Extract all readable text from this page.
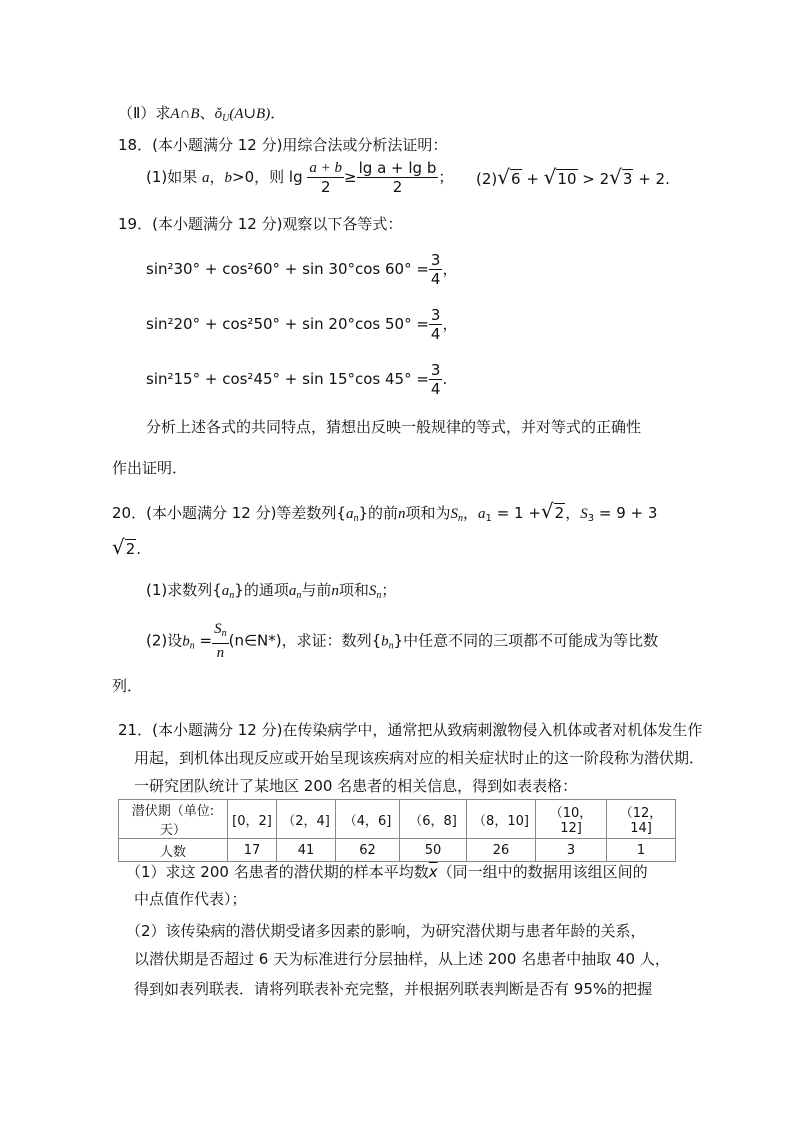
（Ⅱ）求A∩B、$ǒ_U(A\cup B)$．
18．(本小题满分 12 分)用综合法或分析法证明：
(1)如果 a，b>0，则 $\lg \frac{a + b}{2} \ge \frac{\text{lg a + lg b}}{2}$ ； (2)√6 + √10 > 2√3 + 2.
19．(本小题满分 12 分)观察以下各等式：
sin²30° + cos²60° + sin 30°cos $60^\circ = \frac{3}{4}$ ，
sin²20° + cos²50° + sin 20°cos $50^\circ = \frac{3}{4}$ ，
sin²15° + cos²45° + sin 15°cos $45^\circ = \frac{3}{4}$ .
分析上述各式的共同特点，猜想出反映一般规律的等式，并对等式的正确性
作出证明．
20．(本小题满分 12 分)等差数列$\{a_n\}$的前n项和为$S_n$，$a_1 = 1 +√2$，$S_3 = 9 + 3$
√2.
(1)求数列$\{a_n\}$的通项$a_n$与前n项和$S_n$；
(2)设$b_n = \frac{S_n}{n}$ (n∈N*)，求证：数列$\{b_n\}$中任意不同的三项都不可能成为等比数
列．
21．(本小题满分 12 分)在传染病学中，通常把从致病刺激物侵入机体或者对机体发生作
用起，到机体出现反应或开始呈现该疾病对应的相关症状时止的这一阶段称为潜伏期．
一研究团队统计了某地区 200 名患者的相关信息，得到如表表格：
潜伏期（单位:天）	[0，2]	（2，4]	（4，6]	（6，8]	（8，10]	（10，12]	（12，14]
人数	17	41	62	50	26	3	1
（1）求这 200 名患者的潜伏期的样本平均数$\overline{x}$（同一组中的数据用该组区间的
中点值作代表）；
（2）该传染病的潜伏期受诸多因素的影响，为研究潜伏期与患者年龄的关系，
以潜伏期是否超过 6 天为标准进行分层抽样，从上述 200 名患者中抽取 40 人，
得到如表列联表．请将列联表补充完整，并根据列联表判断是否有 95%的把握
